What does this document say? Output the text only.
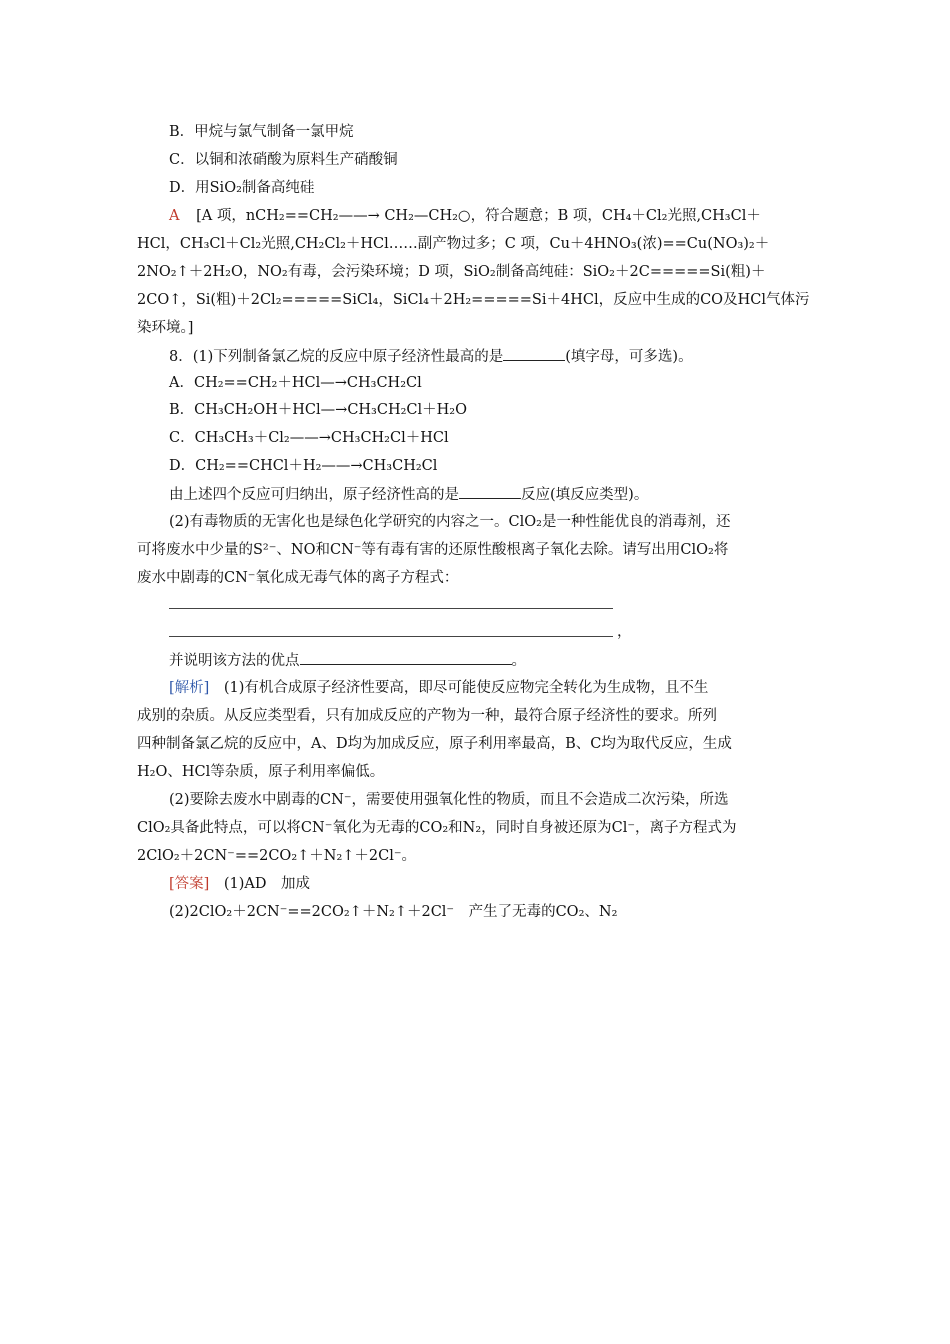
B．甲烷与氯气制备一氯甲烷
C．以铜和浓硝酸为原料生产硝酸铜
D．用SiO₂制备高纯硅
A [A 项，nCH₂==CH₂——→ CH₂—CH₂○，符合题意；B 项，CH₄＋Cl₂光照,CH₃Cl＋
HCl，CH₃Cl＋Cl₂光照,CH₂Cl₂＋HCl……副产物过多；C 项，Cu＋4HNO₃(浓)==Cu(NO₃)₂＋
2NO₂↑＋2H₂O，NO₂有毒，会污染环境；D 项，SiO₂制备高纯硅：SiO₂＋2C=====Si(粗)＋
2CO↑，Si(粗)＋2Cl₂=====SiCl₄，SiCl₄＋2H₂=====Si＋4HCl，反应中生成的CO及HCl气体污
染环境。]
8．(1)下列制备氯乙烷的反应中原子经济性最高的是	(填字母，可多选)。
A．CH₂==CH₂＋HCl—→CH₃CH₂Cl
B．CH₃CH₂OH＋HCl—→CH₃CH₂Cl＋H₂O
C．CH₃CH₃＋Cl₂——→CH₃CH₂Cl＋HCl
D．CH₂==CHCl＋H₂——→CH₃CH₂Cl
由上述四个反应可归纳出，原子经济性高的是	反应(填反应类型)。
(2)有毒物质的无害化也是绿色化学研究的内容之一。ClO₂是一种性能优良的消毒剂，还
可将废水中少量的S²⁻、NO和CN⁻等有毒有害的还原性酸根离子氧化去除。请写出用ClO₂将
废水中剧毒的CN⁻氧化成无毒气体的离子方程式：
，
并说明该方法的优点	。
[解析]　(1)有机合成原子经济性要高，即尽可能使反应物完全转化为生成物，且不生
成别的杂质。从反应类型看，只有加成反应的产物为一种，最符合原子经济性的要求。所列
四种制备氯乙烷的反应中，A、D均为加成反应，原子利用率最高，B、C均为取代反应，生成
H₂O、HCl等杂质，原子利用率偏低。
(2)要除去废水中剧毒的CN⁻，需要使用强氧化性的物质，而且不会造成二次污染，所选
ClO₂具备此特点，可以将CN⁻氧化为无毒的CO₂和N₂，同时自身被还原为Cl⁻，离子方程式为
2ClO₂＋2CN⁻==2CO₂↑＋N₂↑＋2Cl⁻。
[答案]　(1)AD　加成
(2)2ClO₂＋2CN⁻==2CO₂↑＋N₂↑＋2Cl⁻　产生了无毒的CO₂、N₂
